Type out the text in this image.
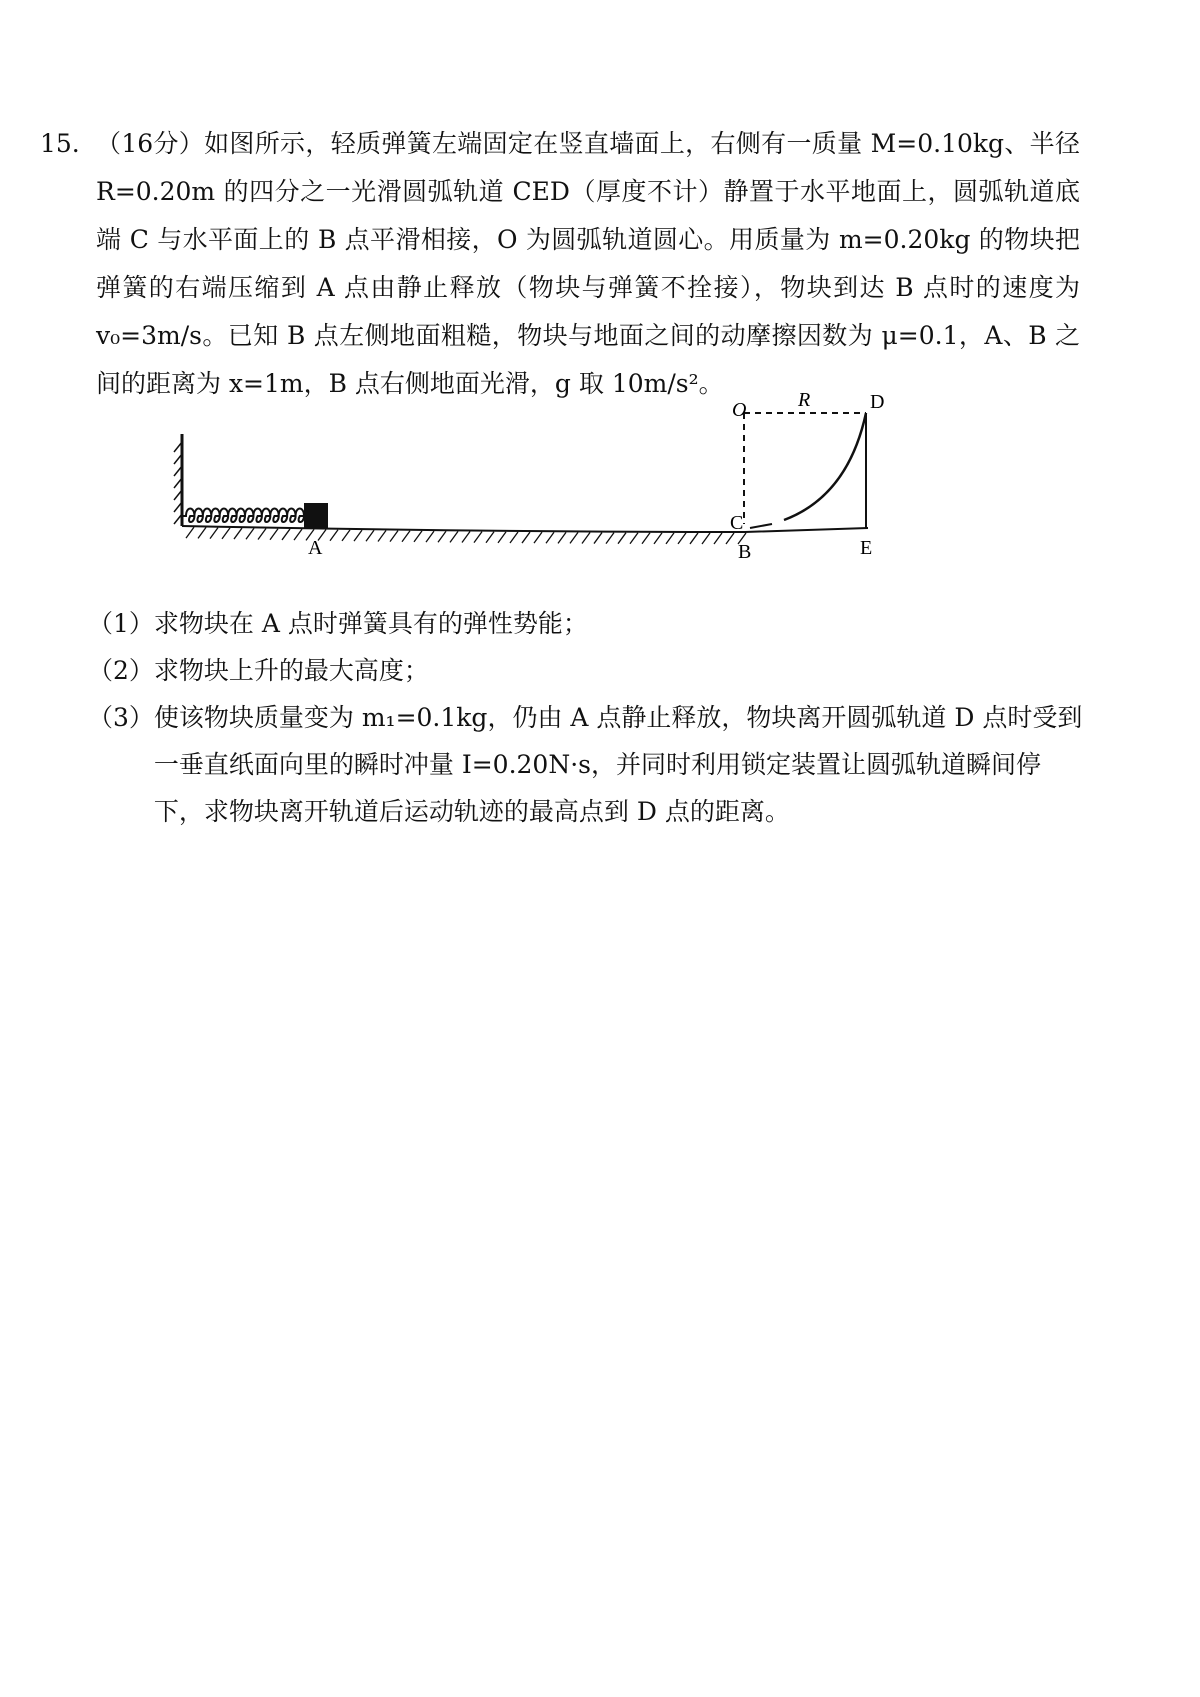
15. （16分）如图所示，轻质弹簧左端固定在竖直墙面上，右侧有一质量 M=0.10kg、半径 R=0.20m 的四分之一光滑圆弧轨道 CED（厚度不计）静置于水平地面上，圆弧轨道底端 C 与水平面上的 B 点平滑相接，O 为圆弧轨道圆心。用质量为 m=0.20kg 的物块把弹簧的右端压缩到 A 点由静止释放（物块与弹簧不拴接），物块到达 B 点时的速度为 v₀=3m/s。已知 B 点左侧地面粗糙，物块与地面之间的动摩擦因数为 μ=0.1，A、B 之间的距离为 x=1m，B 点右侧地面光滑，g 取 10m/s²。
A	B
C
D
E
O	R
（1） 求物块在 A 点时弹簧具有的弹性势能；
（2） 求物块上升的最大高度；
（3） 使该物块质量变为 m₁=0.1kg，仍由 A 点静止释放，物块离开圆弧轨道 D 点时受到一垂直纸面向里的瞬时冲量 I=0.20N·s，并同时利用锁定装置让圆弧轨道瞬间停下，求物块离开轨道后运动轨迹的最高点到 D 点的距离。
